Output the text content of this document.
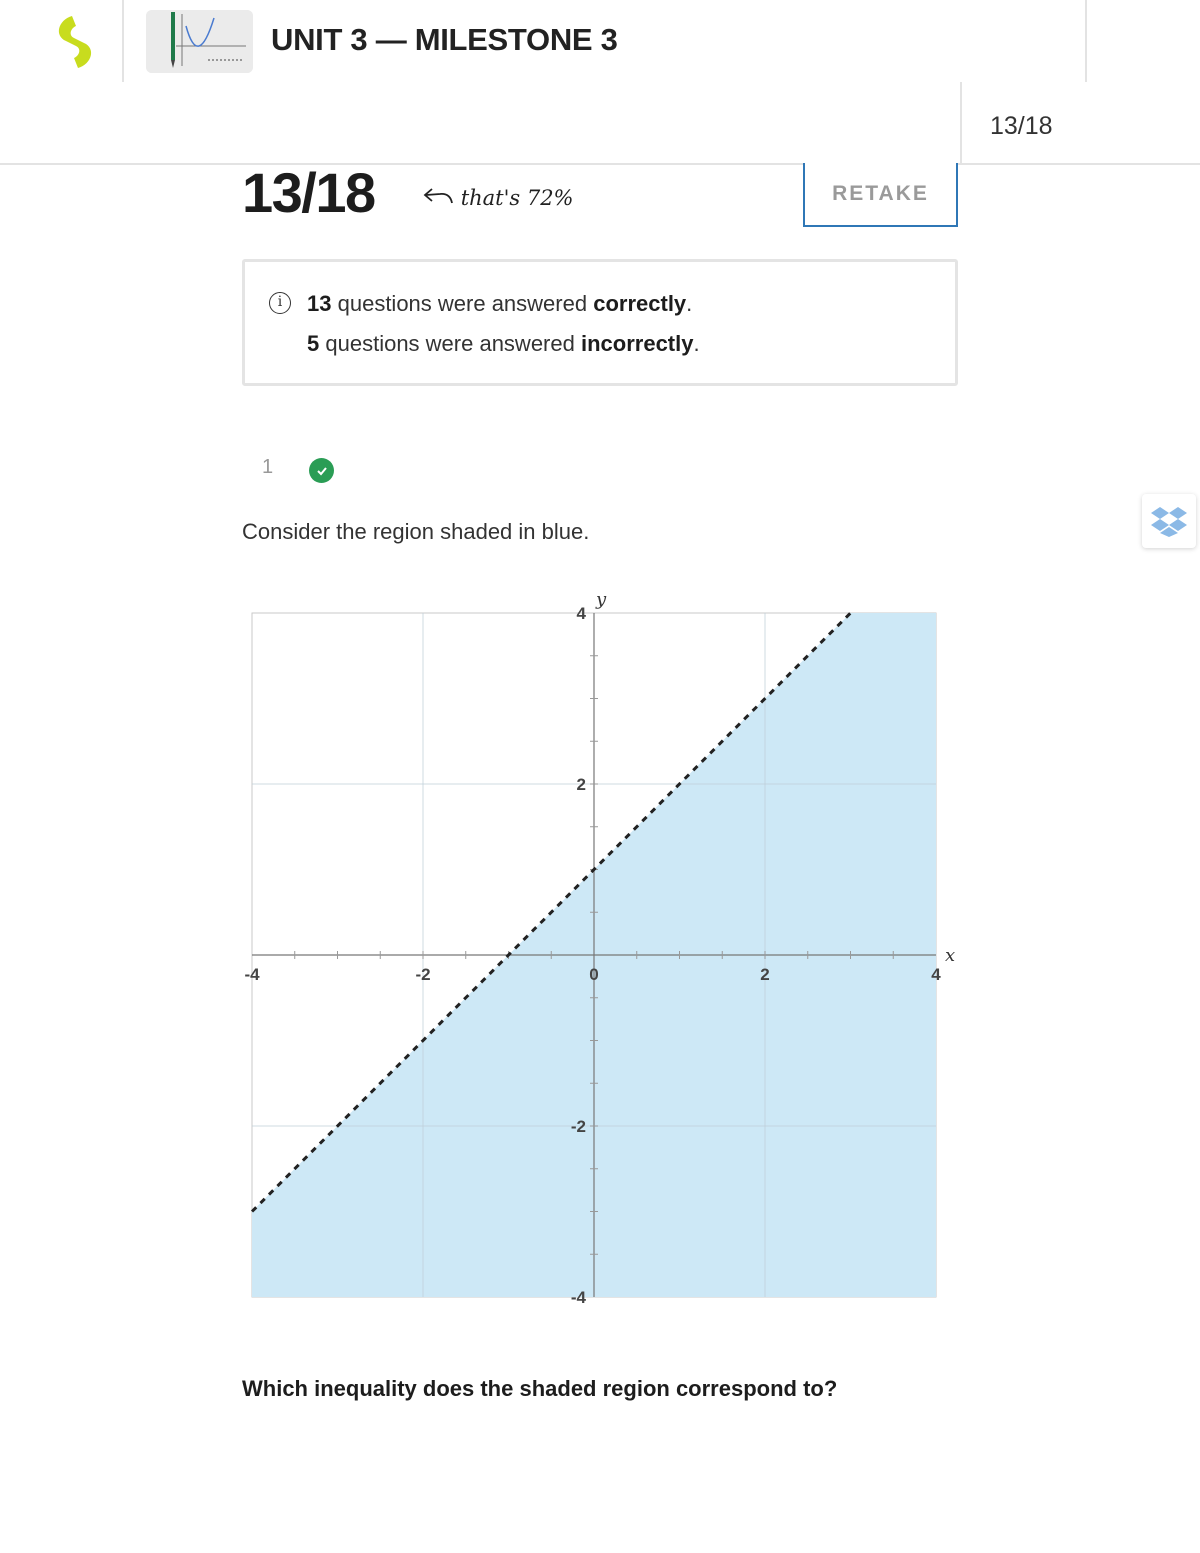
UNIT 3 — MILESTONE 3
13/18
13/18	that's 72%	RETAKE
i	13 questions were answered correctly.
5 questions were answered incorrectly.
1
Consider the region shaded in blue.
-4	-2	0	2	4
4
2
-2
-4
y
x
Which inequality does the shaded region correspond to?
